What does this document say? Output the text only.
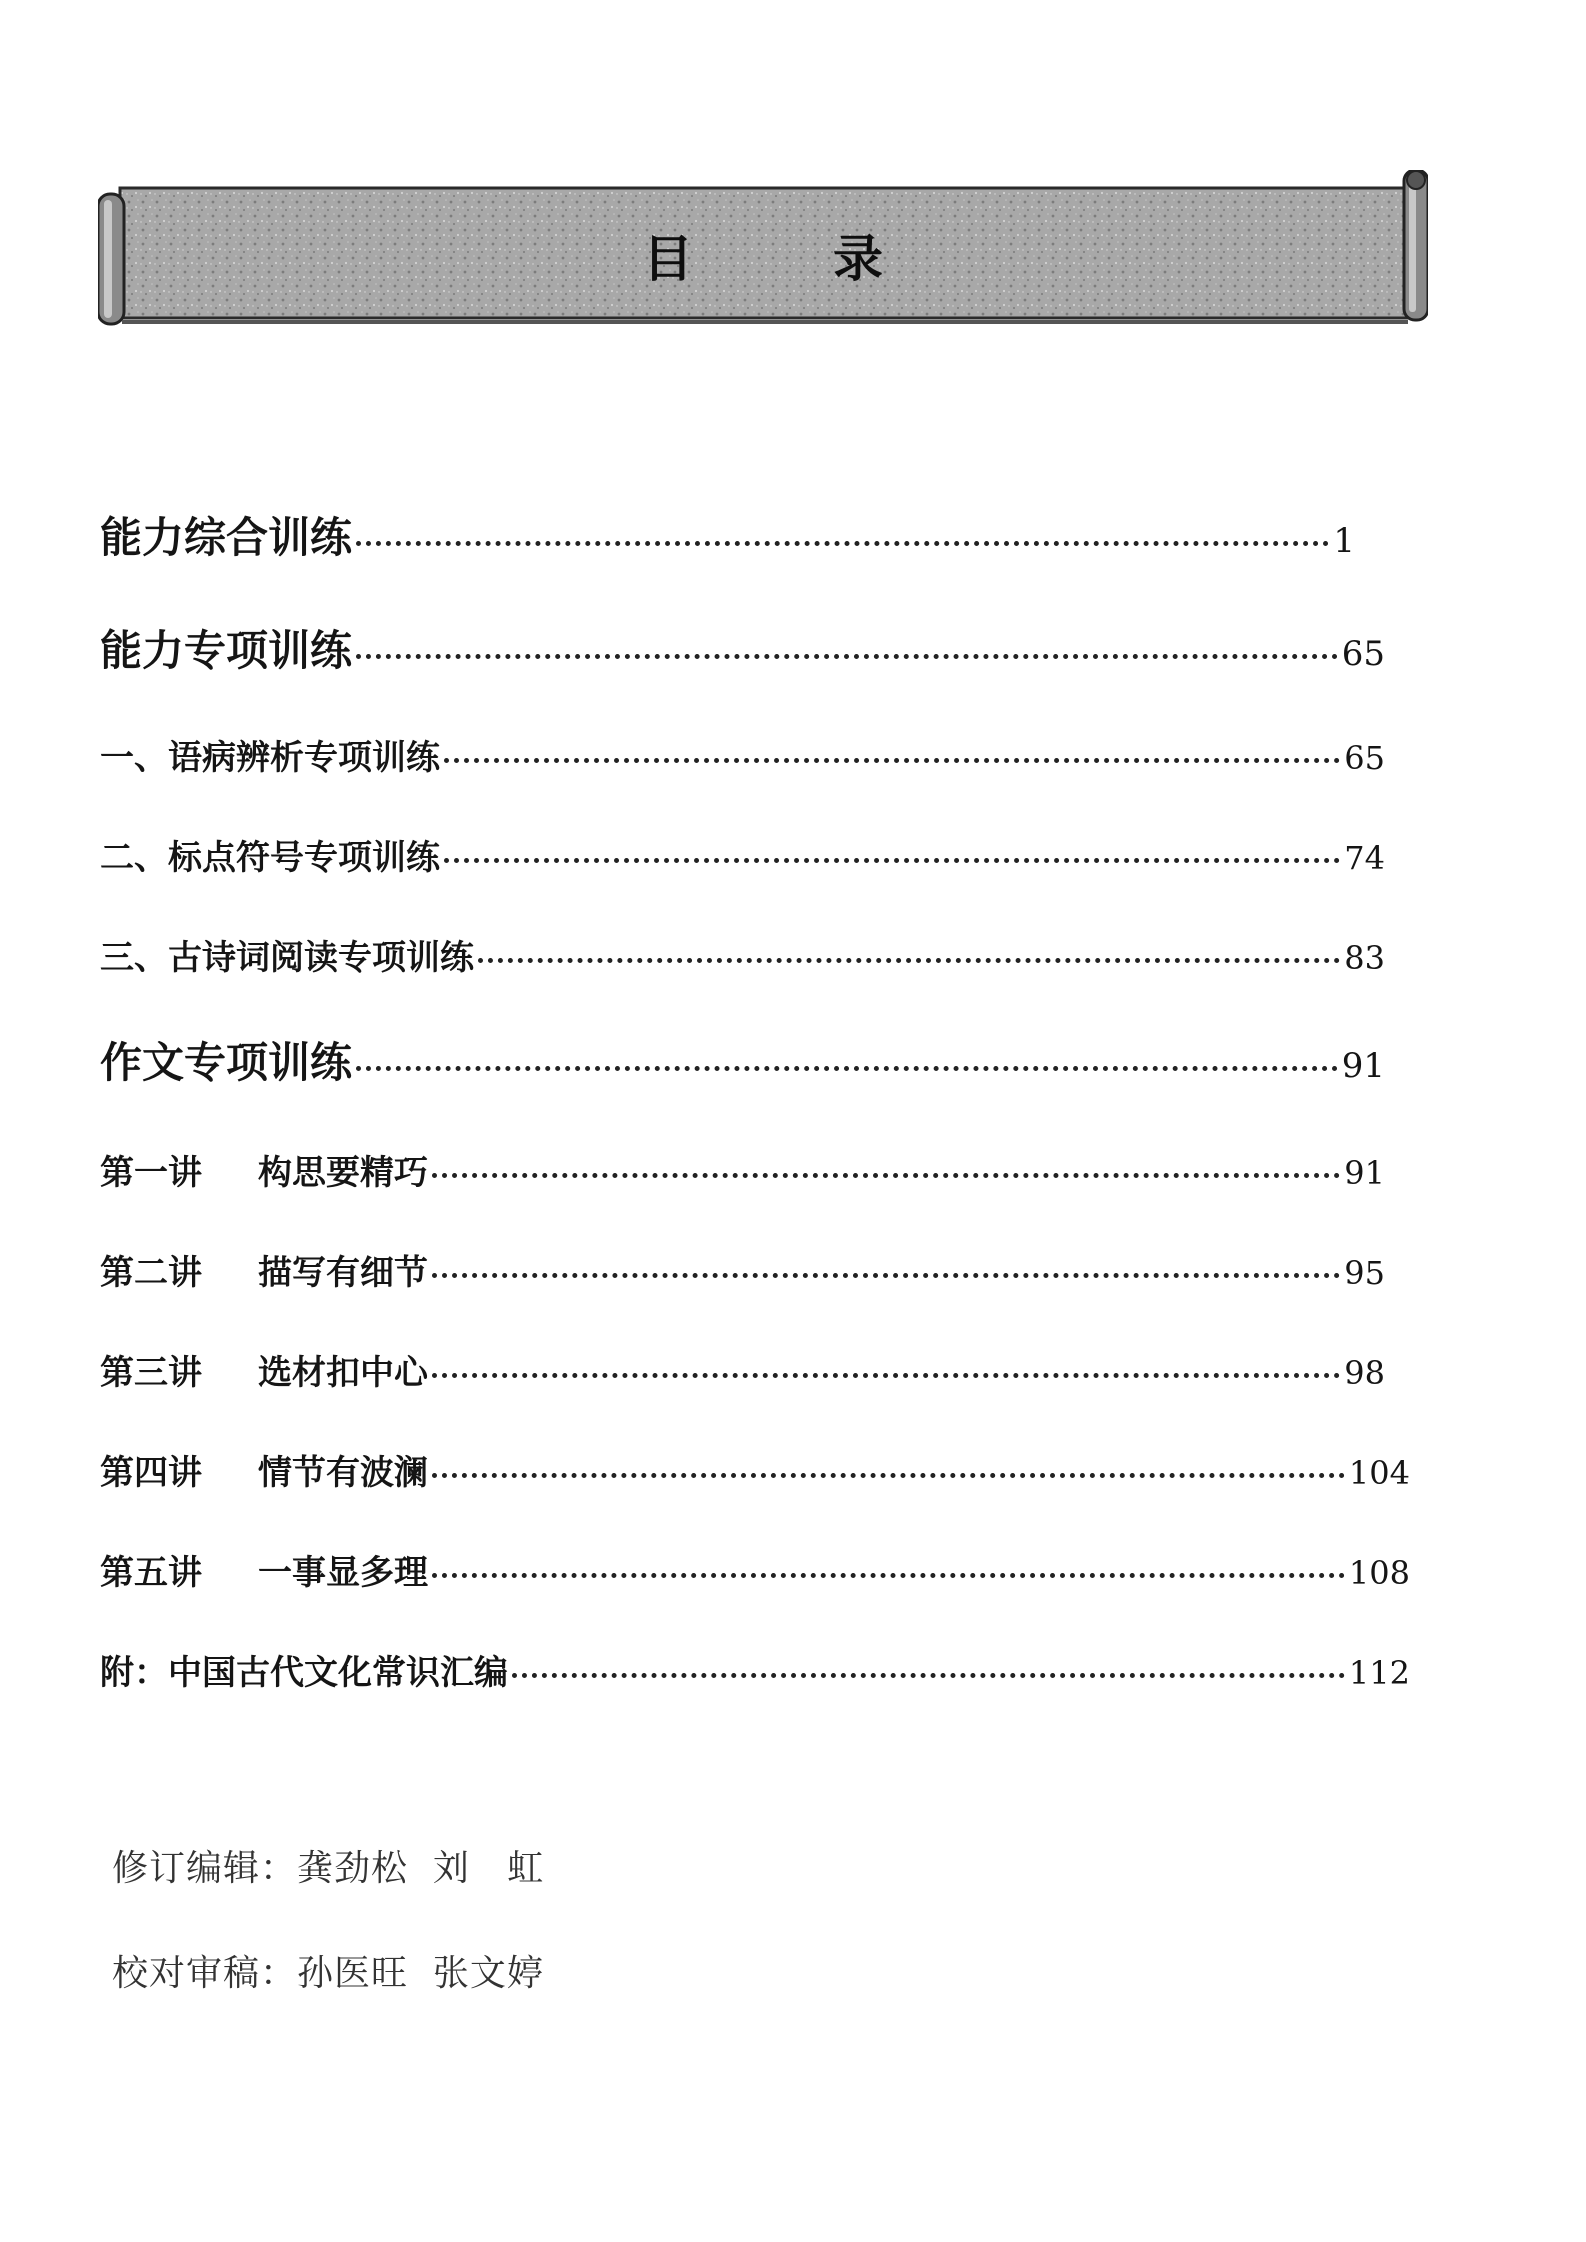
目	录
能力综合训练	1
能力专项训练	65
一、语病辨析专项训练	65
二、标点符号专项训练	74
三、古诗词阅读专项训练	83
作文专项训练	91
第一讲 构思要精巧	91
第二讲 描写有细节	95
第三讲 选材扣中心	98
第四讲 情节有波澜	104
第五讲 一事显多理	108
附：中国古代文化常识汇编	112
修订编辑：龚劲松  刘   虹
校对审稿：孙医旺  张文婷
